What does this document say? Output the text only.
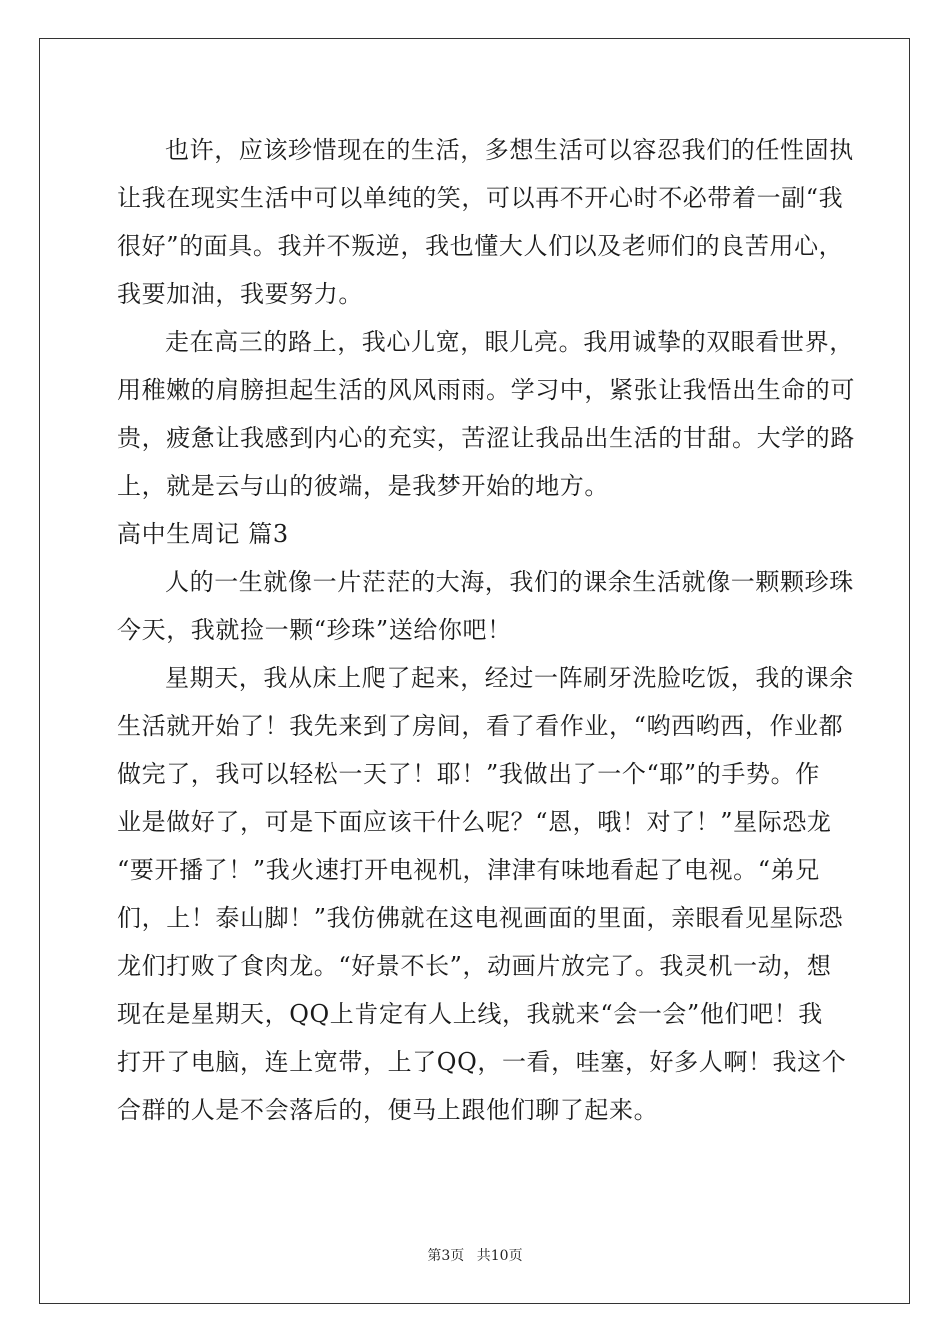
也许，应该珍惜现在的生活，多想生活可以容忍我们的任性固执
让我在现实生活中可以单纯的笑，可以再不开心时不必带着一副“我
很好”的面具。我并不叛逆，我也懂大人们以及老师们的良苦用心，
我要加油，我要努力。
走在高三的路上，我心儿宽，眼儿亮。我用诚挚的双眼看世界，
用稚嫩的肩膀担起生活的风风雨雨。学习中，紧张让我悟出生命的可
贵，疲惫让我感到内心的充实，苦涩让我品出生活的甘甜。大学的路
上，就是云与山的彼端，是我梦开始的地方。
高中生周记 篇3
人的一生就像一片茫茫的大海，我们的课余生活就像一颗颗珍珠
今天，我就捡一颗“珍珠”送给你吧！
星期天，我从床上爬了起来，经过一阵刷牙洗脸吃饭，我的课余
生活就开始了！我先来到了房间，看了看作业，“哟西哟西，作业都
做完了，我可以轻松一天了！耶！”我做出了一个“耶”的手势。作
业是做好了，可是下面应该干什么呢？“恩，哦！对了！”星际恐龙
“要开播了！”我火速打开电视机，津津有味地看起了电视。“弟兄
们，上！泰山脚！”我仿佛就在这电视画面的里面，亲眼看见星际恐
龙们打败了食肉龙。“好景不长”，动画片放完了。我灵机一动，想
现在是星期天，QQ上肯定有人上线，我就来“会一会”他们吧！我
打开了电脑，连上宽带，上了QQ，一看，哇塞，好多人啊！我这个
合群的人是不会落后的，便马上跟他们聊了起来。
第3页 共10页
